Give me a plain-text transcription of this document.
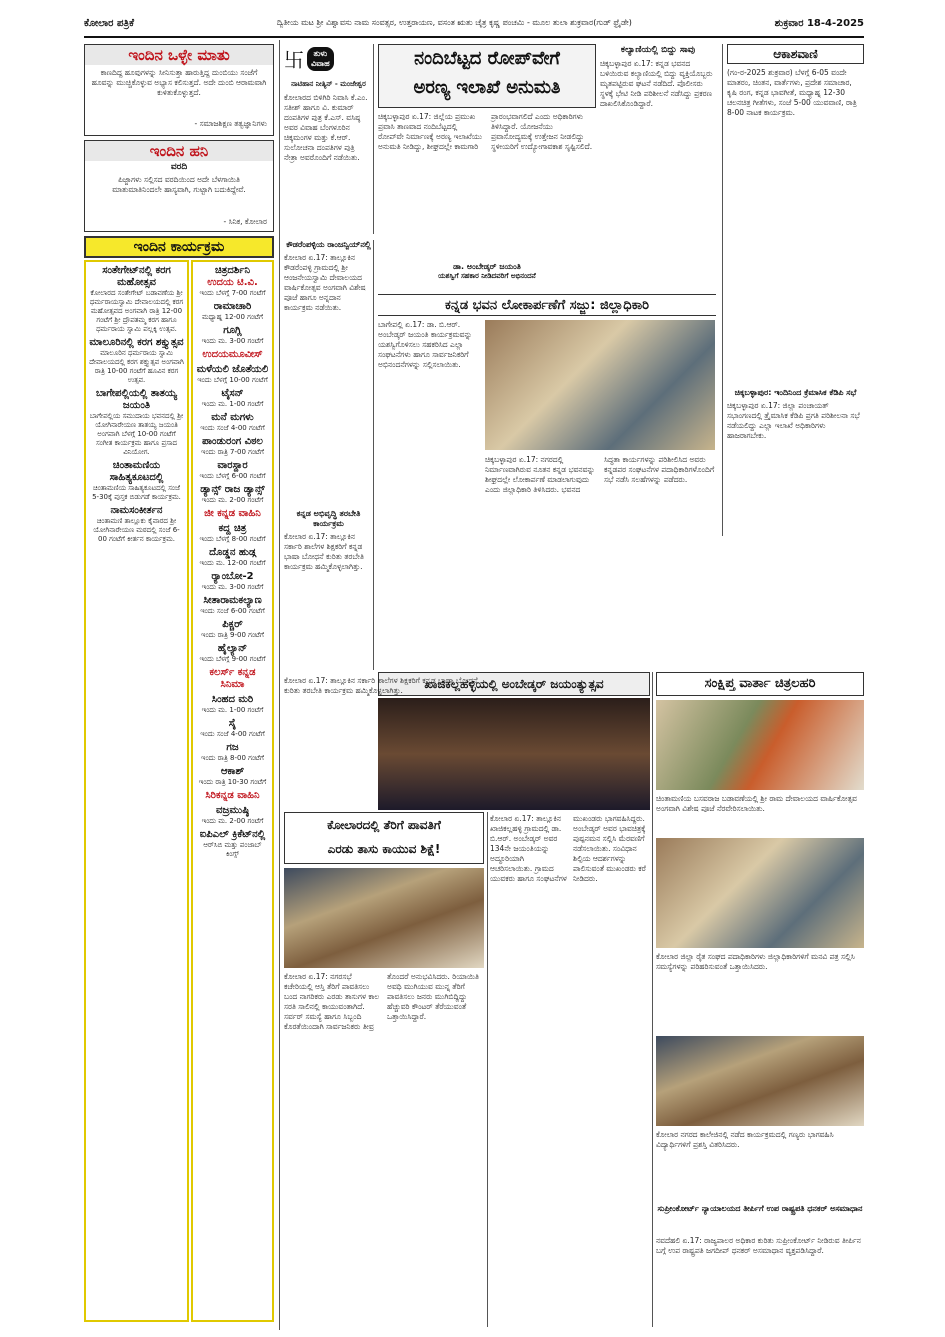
ಕೋಲಾರ ಪತ್ರಿಕೆ	ದ್ವಿತೀಯ ಮಟ ಶ್ರೀ ವಿಶ್ವಾವಸು ನಾಮ ಸಂವತ್ಸರ, ಉತ್ತರಾಯಣ, ವಸಂತ ಋತು ಚೈತ್ರ ಕೃಷ್ಣ ಪಂಚಮಿ - ಮೂಲ ತುಲಾ ಶುಕ್ರವಾರ(ಗುಡ್ ಫ್ರೈಡೇ)	ಶುಕ್ರವಾರ 18-4-2025
ಇಂದಿನ ಒಳ್ಳೇ ಮಾತು
ಕಾಣದಿದ್ದ ಹೂವುಗಳನ್ನು ಸೀನಿಸುತ್ತಾ ಹಾರುತ್ತಿದ್ದ ದುಂಬಿಯು ಸಂಜೆಗೆ ಹೂವನ್ನು ಮುಚ್ಚಿಕೊಳ್ಳುವ ಅಭ್ಯಾಸ ಕಲಿಸುತ್ತದೆ. ಅದೇ ದುಂಬಿ ಆರಾಮವಾಗಿ ಕುಳಿತುಕೊಳ್ಳುತ್ತದೆ.
- ಸಮಾಜಶಿಕ್ಷಣ ತತ್ವಜ್ಞಾನಿಗಳು
ಇಂದಿನ ಹನಿ
ವರದಿ
ಪಿಜ್ಜಾಗಳು ಸಲ್ಲಿಸದ ವರದಿಯಿಂದ ಅದೇ ಬೆಳಗಾಯಿತಿ ಮಾತುಮಾತಿನಿಂದಲೇ ಹಾಸ್ಯವಾಗಿ, ಗುಟ್ಟಾಗಿ ಬದುಕಿದ್ದೇವೆ.
- ಸಿನಿಕ, ಕೋಲಾರ
ಇಂದಿನ ಕಾರ್ಯಕ್ರಮ
ಸಂತೇಗೇಟ್‌ನಲ್ಲಿ ಕರಗ ಮಹೋತ್ಸವ
ಕೋಲಾರದ ಸಂತೇಗೇಟ್ ಬಡಾವಣೆಯ ಶ್ರೀ ಧರ್ಮರಾಯಸ್ವಾಮಿ ದೇವಾಲಯದಲ್ಲಿ ಕರಗ ಮಹೋತ್ಸವದ ಅಂಗವಾಗಿ ರಾತ್ರಿ 12-00 ಗಂಟೆಗೆ ಶ್ರೀ ದ್ರೌಪತಮ್ಮ ಕರಗ ಹಾಗೂ ಧರ್ಮರಾಯ ಸ್ವಾಮಿ ಪಲ್ಲಕ್ಕಿ ಉತ್ಸವ.
ಮಾಲೂರಿನಲ್ಲಿ ಕರಗ ಶಕ್ತ್ಯುತ್ಸವ
ಮಾಲೂರಿನ ಧರ್ಮರಾಯ ಸ್ವಾಮಿ ದೇವಾಲಯದಲ್ಲಿ ಕರಗ ಶಕ್ತ್ಯುತ್ಸವ ಅಂಗವಾಗಿ ರಾತ್ರಿ 10-00 ಗಂಟೆಗೆ ಹೂವಿನ ಕರಗ ಉತ್ಸವ.
ಬಾಗೇಪಲ್ಲಿಯಲ್ಲಿ ತಾತಯ್ಯ ಜಯಂತಿ
ಬಾಗೇಪಲ್ಲಿಯ ಸಮುದಾಯ ಭವನದಲ್ಲಿ ಶ್ರೀ ಯೋಗಿನಾರೇಯಣ ತಾತಯ್ಯ ಜಯಂತಿ ಅಂಗವಾಗಿ ಬೆಳಗ್ಗೆ 10-00 ಗಂಟೆಗೆ ಸಂಗೀತ ಕಾರ್ಯಕ್ರಮ ಹಾಗೂ ಪ್ರಸಾದ ವಿನಿಯೋಗ.
ಚಿಂತಾಮಣಿಯ ಸಾಹಿತ್ಯಕೂಟದಲ್ಲಿ
ಚಿಂತಾಮಣಿಯ ಸಾಹಿತ್ಯಕೂಟದಲ್ಲಿ ಸಂಜೆ 5-30ಕ್ಕೆ ಪುಸ್ತಕ ಬಿಡುಗಡೆ ಕಾರ್ಯಕ್ರಮ.
ನಾಮಸಂಕೀರ್ತನ
ಚಿಂತಾಮಣಿ ತಾಲ್ಲೂಕು ಕೈವಾರದ ಶ್ರೀ ಯೋಗಿನಾರೇಯಣ ಮಠದಲ್ಲಿ ಸಂಜೆ 6-00 ಗಂಟೆಗೆ ಕೀರ್ತನ ಕಾರ್ಯಕ್ರಮ.
ಚಿತ್ರದರ್ಶಿನಿ
ಉದಯ ಟಿ.ವಿ.
ಇಂದು ಬೆಳಗ್ಗೆ 7-00 ಗಂಟೆಗೆ
ರಾಮಾಚಾರಿ
ಮಧ್ಯಾಹ್ನ 12-00 ಗಂಟೆಗೆ
ಗೂಗ್ಲಿ
ಇಂದು ಮ. 3-00 ಗಂಟೆಗೆ
ಉದಯಮೂವೀಸ್
ಮಳೆಯಲಿ ಜೊತೆಯಲಿ
ಇಂದು ಬೆಳಗ್ಗೆ 10-00 ಗಂಟೆಗೆ
ಟೈಸನ್
ಇಂದು ಮ. 1-00 ಗಂಟೆಗೆ
ಮನೆ ಮಗಳು
ಇಂದು ಸಂಜೆ 4-00 ಗಂಟೆಗೆ
ಪಾಂಡುರಂಗ ವಿಠಲ
ಇಂದು ರಾತ್ರಿ 7-00 ಗಂಟೆಗೆ
ವಾರಸ್ದಾರ
ಇಂದು ಬೆಳಗ್ಗೆ 6-00 ಗಂಟೆಗೆ
ಡ್ಯಾನ್ಸ್ ರಾಜ ಡ್ಯಾನ್ಸ್
ಇಂದು ಮ. 2-00 ಗಂಟೆಗೆ
ಜೀ ಕನ್ನಡ ವಾಹಿನಿ
ಕದ್ದ ಚಿತ್ರ
ಇಂದು ಬೆಳಗ್ಗೆ 8-00 ಗಂಟೆಗೆ
ದೊಡ್ಡನ ಹುಡ್ಗ
ಇಂದು ಮ. 12-00 ಗಂಟೆಗೆ
ರ್‍ಯಾಂಬೋ-2
ಇಂದು ಮ. 3-00 ಗಂಟೆಗೆ
ಸೀತಾರಾಮಕಲ್ಯಾಣ
ಇಂದು ಸಂಜೆ 6-00 ಗಂಟೆಗೆ
ಪಿಕ್ಚರ್
ಇಂದು ರಾತ್ರಿ 9-00 ಗಂಟೆಗೆ
ಹೈಲ್ಯಾನ್
ಇಂದು ಬೆಳಗ್ಗೆ 9-00 ಗಂಟೆಗೆ
ಕಲರ್ಸ್ ಕನ್ನಡ ಸಿನಿಮಾ
ಸಿಂಹದ ಮರಿ
ಇಂದು ಮ. 1-00 ಗಂಟೆಗೆ
ಸೈ
ಇಂದು ಸಂಜೆ 4-00 ಗಂಟೆಗೆ
ಗಜ
ಇಂದು ರಾತ್ರಿ 8-00 ಗಂಟೆಗೆ
ಆಕಾಶ್
ಇಂದು ರಾತ್ರಿ 10-30 ಗಂಟೆಗೆ
ಸಿರಿಕನ್ನಡ ವಾಹಿನಿ
ವಜ್ರಮುಷ್ಠಿ
ಇಂದು ಮ. 2-00 ಗಂಟೆಗೆ
ಐಪಿಎಲ್ ಕ್ರಿಕೆಟ್‌ನಲ್ಲಿ
ಆರ್‌ಸಿಬಿ ಮತ್ತು ಪಂಜಾಬ್ ಕಿಂಗ್ಸ್
卐	ತುಳು
ವಿವಾಹ
ನಾಟಿಹಾನ ನೀತ್ಯಿನ್ - ಮಂಜೇಶ್ವರ
ಕೋಲಾರದ ಬಿಳಿಗಿರಿ ನಿವಾಸಿ ಕೆ.ಎಂ. ಸತೀಶ್ ಹಾಗೂ ವಿ. ಕುಮಾರ್ ದಂಪತಿಗಳ ಪುತ್ರ ಕೆ.ಎಸ್. ವಸಿಷ್ಠ ಅವರ ವಿವಾಹ ಬೆಂಗಳೂರಿನ ಚಿಕ್ಕಮಂಗಳ ಮತ್ತು ಕೆ.ಆರ್. ಸುಲೋಚನಾ ದಂಪತಿಗಳ ಪುತ್ರಿ ನೇತ್ರಾ ಅವರೊಂದಿಗೆ ನಡೆಯಿತು.
ನಂದಿಬೆಟ್ಟದ ರೋಪ್‌ವೇಗೆ
ಅರಣ್ಯ ಇಲಾಖೆ ಅನುಮತಿ
ಚಿಕ್ಕಬಳ್ಳಾಪುರ ಏ.17: ಜಿಲ್ಲೆಯ ಪ್ರಮುಖ ಪ್ರವಾಸಿ ತಾಣವಾದ ನಂದಿಬೆಟ್ಟದಲ್ಲಿ ರೋಪ್‌ವೇ ನಿರ್ಮಾಣಕ್ಕೆ ಅರಣ್ಯ ಇಲಾಖೆಯು ಅನುಮತಿ ನೀಡಿದ್ದು, ಶೀಘ್ರದಲ್ಲೇ ಕಾಮಗಾರಿ ಪ್ರಾರಂಭವಾಗಲಿದೆ ಎಂದು ಅಧಿಕಾರಿಗಳು ತಿಳಿಸಿದ್ದಾರೆ. ಯೋಜನೆಯು ಪ್ರವಾಸೋದ್ಯಮಕ್ಕೆ ಉತ್ತೇಜನ ನೀಡಲಿದ್ದು ಸ್ಥಳೀಯರಿಗೆ ಉದ್ಯೋಗಾವಕಾಶ ಸೃಷ್ಟಿಸಲಿದೆ.
ಕಲ್ಯಾಣಿಯಲ್ಲಿ ಬಿದ್ದು ಸಾವು
ಚಿಕ್ಕಬಳ್ಳಾಪುರ ಏ.17: ಕನ್ನಡ ಭವನದ ಬಳಿಯಿರುವ ಕಲ್ಯಾಣಿಯಲ್ಲಿ ಬಿದ್ದು ವ್ಯಕ್ತಿಯೊಬ್ಬರು ಮೃತಪಟ್ಟಿರುವ ಘಟನೆ ನಡೆದಿದೆ. ಪೊಲೀಸರು ಸ್ಥಳಕ್ಕೆ ಭೇಟಿ ನೀಡಿ ಪರಿಶೀಲನೆ ನಡೆಸಿದ್ದು ಪ್ರಕರಣ ದಾಖಲಿಸಿಕೊಂಡಿದ್ದಾರೆ.
ಆಕಾಶವಾಣಿ
(ಗಂ-ರ-2025 ಶುಕ್ರವಾರ) ಬೆಳಗ್ಗೆ 6-05 ವಂದೇ ಮಾತರಂ, ಚಿಂತನ, ವಾರ್ತೆಗಳು, ಪ್ರದೇಶ ಸಮಾಚಾರ, ಕೃಷಿ ರಂಗ, ಕನ್ನಡ ಭಾವಗೀತೆ, ಮಧ್ಯಾಹ್ನ 12-30 ಚಲನಚಿತ್ರ ಗೀತೆಗಳು, ಸಂಜೆ 5-00 ಯುವವಾಣಿ, ರಾತ್ರಿ 8-00 ನಾಟಕ ಕಾರ್ಯಕ್ರಮ.
ಚಿಕ್ಕಬಳ್ಳಾಪುರ: ಇಂದಿನಿಂದ ಕ್ರೆಮಾಸಿಕ ಕೆಡಿಪಿ ಸಭೆ
ಚಿಕ್ಕಬಳ್ಳಾಪುರ ಏ.17: ಜಿಲ್ಲಾ ಪಂಚಾಯತ್ ಸಭಾಂಗಣದಲ್ಲಿ ತ್ರೈಮಾಸಿಕ ಕೆಡಿಪಿ ಪ್ರಗತಿ ಪರಿಶೀಲನಾ ಸಭೆ ನಡೆಯಲಿದ್ದು ಎಲ್ಲಾ ಇಲಾಖೆ ಅಧಿಕಾರಿಗಳು ಹಾಜರಾಗಬೇಕು.
ಕೌಡರೆಂಪಳ್ಳಿಯ ರಾಂಜನ್ವಿಯ್‌ನಲ್ಲಿ
ಕೋಲಾರ ಏ.17: ತಾಲ್ಲೂಕಿನ ಕೌಡರೆಂಪಳ್ಳಿ ಗ್ರಾಮದಲ್ಲಿ ಶ್ರೀ ಆಂಜನೇಯಸ್ವಾಮಿ ದೇವಾಲಯದ ವಾರ್ಷಿಕೋತ್ಸವ ಅಂಗವಾಗಿ ವಿಶೇಷ ಪೂಜೆ ಹಾಗೂ ಅನ್ನದಾನ ಕಾರ್ಯಕ್ರಮ ನಡೆಯಿತು.
ಕನ್ನಡ ಅಭಿವೃದ್ಧಿ ತರಬೇತಿ ಕಾರ್ಯಕ್ರಮ
ಕೋಲಾರ ಏ.17: ತಾಲ್ಲೂಕಿನ ಸರ್ಕಾರಿ ಶಾಲೆಗಳ ಶಿಕ್ಷಕರಿಗೆ ಕನ್ನಡ ಭಾಷಾ ಬೋಧನೆ ಕುರಿತು ತರಬೇತಿ ಕಾರ್ಯಕ್ರಮ ಹಮ್ಮಿಕೊಳ್ಳಲಾಗಿತ್ತು.
ಡಾ. ಅಂಬೇಡ್ಕರ್ ಜಯಂತಿ
ಯಶಸ್ವಿಗೆ ಸಹಕಾರ ನೀಡಿದವರಿಗೆ ಅಭಿನಂದನೆ
ಕನ್ನಡ ಭವನ ಲೋಕಾರ್ಪಣೆಗೆ ಸಜ್ಜು: ಜಿಲ್ಲಾಧಿಕಾರಿ
ಬಾಗೇಪಲ್ಲಿ ಏ.17: ಡಾ. ಬಿ.ಆರ್. ಅಂಬೇಡ್ಕರ್ ಜಯಂತಿ ಕಾರ್ಯಕ್ರಮವನ್ನು ಯಶಸ್ವಿಗೊಳಿಸಲು ಸಹಕರಿಸಿದ ಎಲ್ಲಾ ಸಂಘಟನೆಗಳು ಹಾಗೂ ಸಾರ್ವಜನಿಕರಿಗೆ ಅಭಿನಂದನೆಗಳನ್ನು ಸಲ್ಲಿಸಲಾಯಿತು.
ಚಿಕ್ಕಬಳ್ಳಾಪುರ ಏ.17: ನಗರದಲ್ಲಿ ನಿರ್ಮಾಣವಾಗಿರುವ ನೂತನ ಕನ್ನಡ ಭವನವನ್ನು ಶೀಘ್ರದಲ್ಲೇ ಲೋಕಾರ್ಪಣೆ ಮಾಡಲಾಗುವುದು ಎಂದು ಜಿಲ್ಲಾಧಿಕಾರಿ ತಿಳಿಸಿದರು. ಭವನದ ಸಿದ್ಧತಾ ಕಾರ್ಯಗಳನ್ನು ಪರಿಶೀಲಿಸಿದ ಅವರು ಕನ್ನಡಪರ ಸಂಘಟನೆಗಳ ಪದಾಧಿಕಾರಿಗಳೊಂದಿಗೆ ಸಭೆ ನಡೆಸಿ ಸಲಹೆಗಳನ್ನು ಪಡೆದರು.
ಖಾಜಿಕಲ್ಲಹಳ್ಳಿಯಲ್ಲಿ ಅಂಬೇಡ್ಕರ್ ಜಯಂತ್ಯುತ್ಸವ
ಕೋಲಾರ ಏ.17: ತಾಲ್ಲೂಕಿನ ಖಾಜಿಕಲ್ಲಹಳ್ಳಿ ಗ್ರಾಮದಲ್ಲಿ ಡಾ. ಬಿ.ಆರ್. ಅಂಬೇಡ್ಕರ್ ಅವರ 134ನೇ ಜಯಂತಿಯನ್ನು ಅದ್ಧೂರಿಯಾಗಿ ಆಚರಿಸಲಾಯಿತು. ಗ್ರಾಮದ ಯುವಕರು ಹಾಗೂ ಸಂಘಟನೆಗಳ ಮುಖಂಡರು ಭಾಗವಹಿಸಿದ್ದರು. ಅಂಬೇಡ್ಕರ್ ಅವರ ಭಾವಚಿತ್ರಕ್ಕೆ ಪುಷ್ಪನಮನ ಸಲ್ಲಿಸಿ ಮೆರವಣಿಗೆ ನಡೆಸಲಾಯಿತು. ಸಂವಿಧಾನ ಶಿಲ್ಪಿಯ ಆದರ್ಶಗಳನ್ನು ಪಾಲಿಸುವಂತೆ ಮುಖಂಡರು ಕರೆ ನೀಡಿದರು.
ಕೋಲಾರದಲ್ಲಿ ತೆರಿಗೆ ಪಾವತಿಗೆ
ಎರಡು ತಾಸು ಕಾಯುವ ಶಿಕ್ಷೆ!
ಕೋಲಾರ ಏ.17: ನಗರಸಭೆ ಕಚೇರಿಯಲ್ಲಿ ಆಸ್ತಿ ತೆರಿಗೆ ಪಾವತಿಸಲು ಬಂದ ನಾಗರಿಕರು ಎರಡು ತಾಸುಗಳ ಕಾಲ ಸರತಿ ಸಾಲಿನಲ್ಲಿ ಕಾಯುವಂತಾಗಿದೆ. ಸರ್ವರ್ ಸಮಸ್ಯೆ ಹಾಗೂ ಸಿಬ್ಬಂದಿ ಕೊರತೆಯಿಂದಾಗಿ ಸಾರ್ವಜನಿಕರು ತೀವ್ರ ತೊಂದರೆ ಅನುಭವಿಸಿದರು. ರಿಯಾಯಿತಿ ಅವಧಿ ಮುಗಿಯುವ ಮುನ್ನ ತೆರಿಗೆ ಪಾವತಿಸಲು ಜನರು ಮುಗಿಬಿದ್ದಿದ್ದು ಹೆಚ್ಚುವರಿ ಕೌಂಟರ್ ತೆರೆಯುವಂತೆ ಒತ್ತಾಯಿಸಿದ್ದಾರೆ.
ಕೋಲಾರ ಏ.17: ತಾಲ್ಲೂಕಿನ ಸರ್ಕಾರಿ ಶಾಲೆಗಳ ಶಿಕ್ಷಕರಿಗೆ ಕನ್ನಡ ಭಾಷಾ ಬೋಧನೆ ಕುರಿತು ತರಬೇತಿ ಕಾರ್ಯಕ್ರಮ ಹಮ್ಮಿಕೊಳ್ಳಲಾಗಿತ್ತು.	ಸಂಕ್ಷಿಪ್ತ ವಾರ್ತಾ ಚಿತ್ರಲಹರಿ
ಚಿಂತಾಮಣಿಯ ಬಸವರಾಜ ಬಡಾವಣೆಯಲ್ಲಿ ಶ್ರೀ ರಾಮ ದೇವಾಲಯದ ವಾರ್ಷಿಕೋತ್ಸವ ಅಂಗವಾಗಿ ವಿಶೇಷ ಪೂಜೆ ನೆರವೇರಿಸಲಾಯಿತು.
ಕೋಲಾರ ಜಿಲ್ಲಾ ರೈತ ಸಂಘದ ಪದಾಧಿಕಾರಿಗಳು ಜಿಲ್ಲಾಧಿಕಾರಿಗಳಿಗೆ ಮನವಿ ಪತ್ರ ಸಲ್ಲಿಸಿ ಸಮಸ್ಯೆಗಳನ್ನು ಪರಿಹರಿಸುವಂತೆ ಒತ್ತಾಯಿಸಿದರು.
ಕೋಲಾರ ನಗರದ ಕಾಲೇಜಿನಲ್ಲಿ ನಡೆದ ಕಾರ್ಯಕ್ರಮದಲ್ಲಿ ಗಣ್ಯರು ಭಾಗವಹಿಸಿ ವಿದ್ಯಾರ್ಥಿಗಳಿಗೆ ಪ್ರಶಸ್ತಿ ವಿತರಿಸಿದರು.
ಸುಪ್ರೀಂಕೋರ್ಟ್ ನ್ಯಾಯಾಲಯದ ತೀರ್ಪಿಗೆ ಉಪ ರಾಷ್ಟ್ರಪತಿ ಧನಕರ್ ಅಸಮಾಧಾನ
ನವದೆಹಲಿ ಏ.17: ರಾಜ್ಯಪಾಲರ ಅಧಿಕಾರ ಕುರಿತು ಸುಪ್ರೀಂಕೋರ್ಟ್ ನೀಡಿರುವ ತೀರ್ಪಿನ ಬಗ್ಗೆ ಉಪ ರಾಷ್ಟ್ರಪತಿ ಜಗದೀಪ್ ಧನಕರ್ ಅಸಮಾಧಾನ ವ್ಯಕ್ತಪಡಿಸಿದ್ದಾರೆ.
